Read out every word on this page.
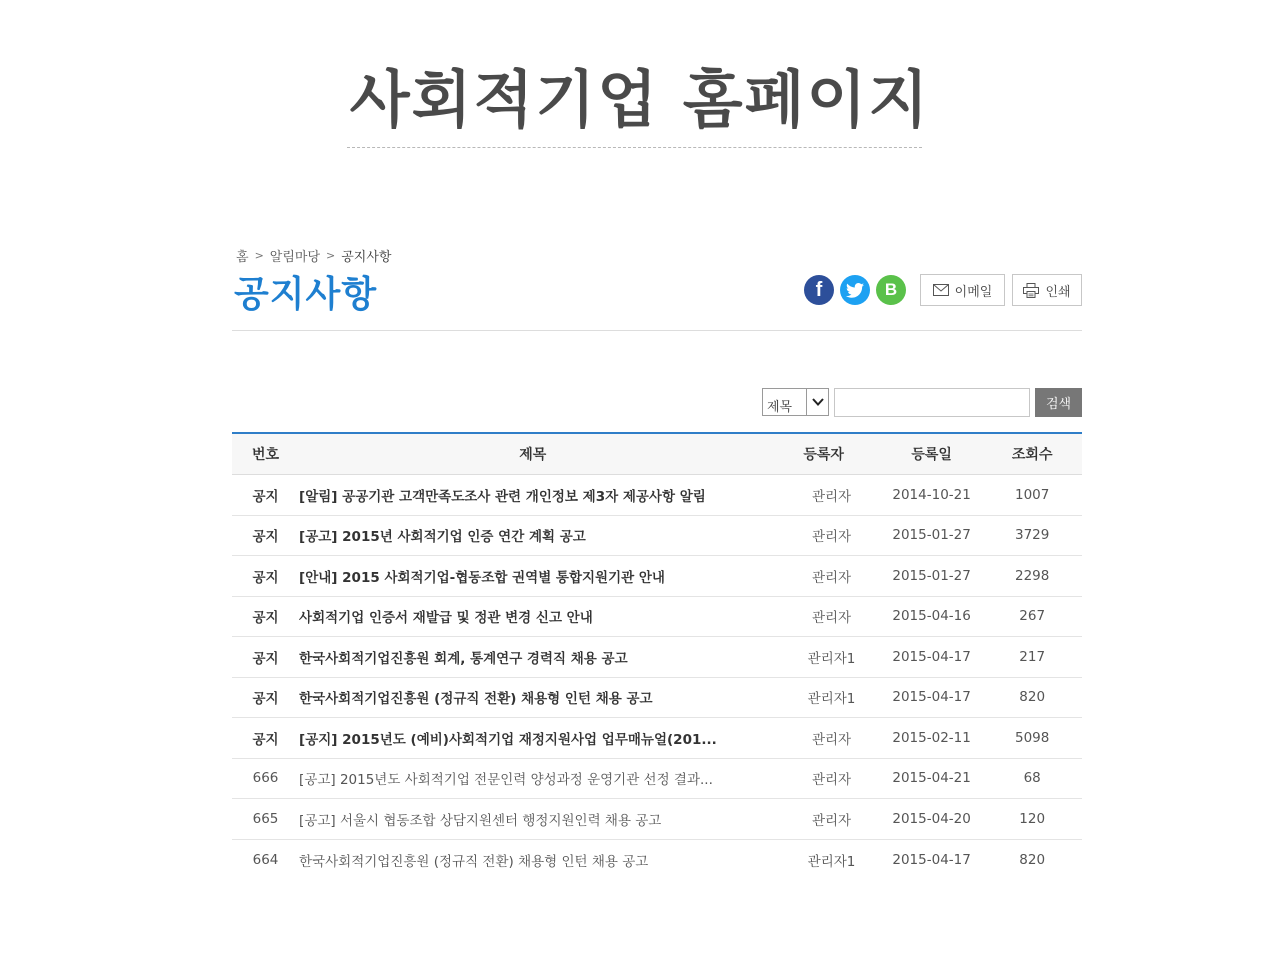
사회적기업 홈페이지
홈 > 알림마당 > 공지사항
공지사항	f	B	이메일	인쇄
제목	검색
번호	제목	등록자	등록일	조회수
공지	[알림] 공공기관 고객만족도조사 관련 개인정보 제3자 제공사항 알림	관리자	2014-10-21	1007
공지	[공고] 2015년 사회적기업 인증 연간 계획 공고	관리자	2015-01-27	3729
공지	[안내] 2015 사회적기업-협동조합 권역별 통합지원기관 안내	관리자	2015-01-27	2298
공지	사회적기업 인증서 재발급 및 정관 변경 신고 안내	관리자	2015-04-16	267
공지	한국사회적기업진흥원 회계, 통계연구 경력직 채용 공고	관리자1	2015-04-17	217
공지	한국사회적기업진흥원 (정규직 전환) 채용형 인턴 채용 공고	관리자1	2015-04-17	820
공지	[공지] 2015년도 (예비)사회적기업 재정지원사업 업무매뉴얼(201...	관리자	2015-02-11	5098
666	[공고] 2015년도 사회적기업 전문인력 양성과정 운영기관 선정 결과...	관리자	2015-04-21	68
665	[공고] 서울시 협동조합 상담지원센터 행정지원인력 채용 공고	관리자	2015-04-20	120
664	한국사회적기업진흥원 (정규직 전환) 채용형 인턴 채용 공고	관리자1	2015-04-17	820
